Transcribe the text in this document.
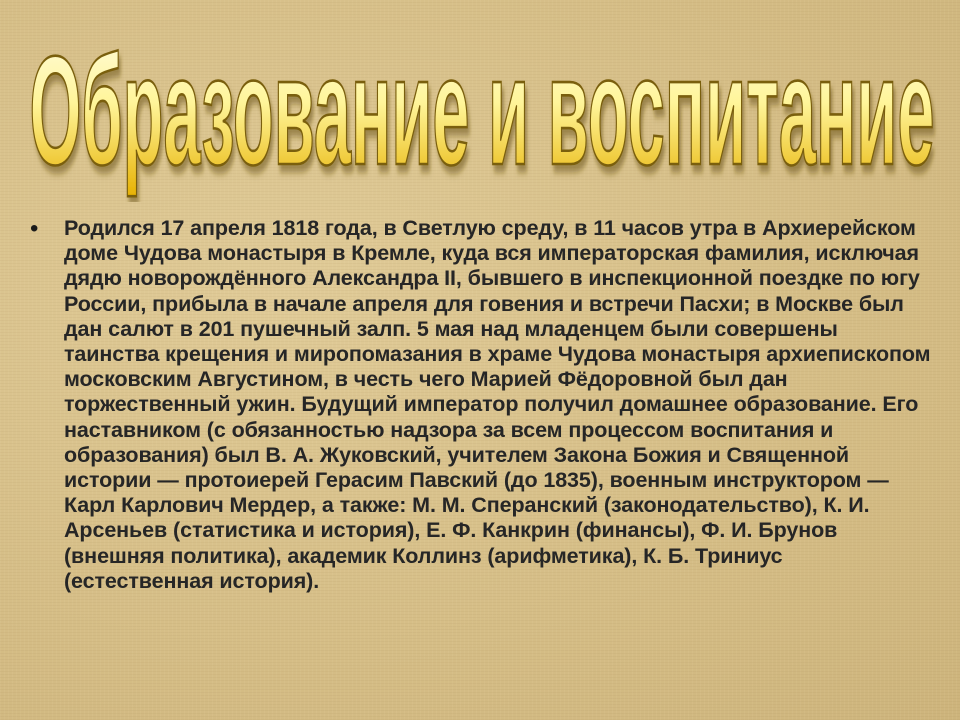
Образование и воспитание
•	Родился 17 апреля 1818 года, в Светлую среду, в 11 часов утра в Архиерейском доме Чудова монастыря в Кремле, куда вся императорская фамилия, исключая дядю новорождённого Александра II, бывшего в инспекционной поездке по югу России, прибыла в начале апреля для говения и встречи Пасхи; в Москве был дан салют в 201 пушечный залп. 5 мая над младенцем были совершены таинства крещения и миропомазания в храме Чудова монастыря архиепископом московским Августином, в честь чего Марией Фёдоровной был дан торжественный ужин. Будущий император получил домашнее образование. Его наставником (с обязанностью надзора за всем процессом воспитания и образования) был В. А. Жуковский, учителем Закона Божия и Священной истории — протоиерей Герасим Павский (до 1835), военным инструктором — Карл Карлович Мердер, а также: М. М. Сперанский (законодательство), К. И. Арсеньев (статистика и история), Е. Ф. Канкрин (финансы), Ф. И. Брунов (внешняя политика), академик Коллинз (арифметика), К. Б. Триниус (естественная история).
